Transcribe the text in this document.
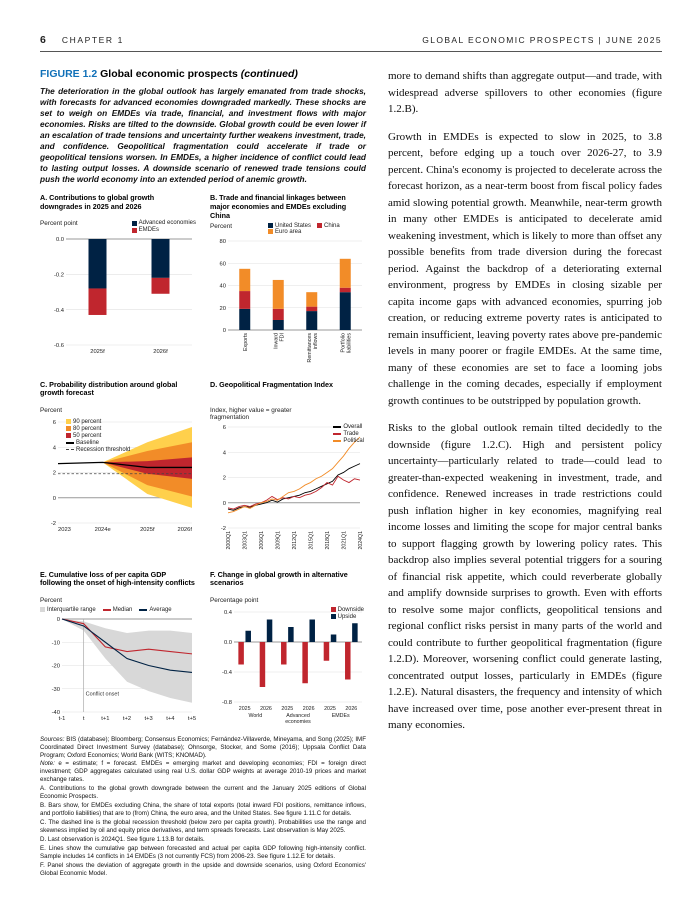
6 CHAPTER 1	GLOBAL ECONOMIC PROSPECTS | JUNE 2025
FIGURE 1.2 Global economic prospects (continued)
The deterioration in the global outlook has largely emanated from trade shocks, with forecasts for advanced economies downgraded markedly. These shocks are set to weigh on EMDEs via trade, financial, and investment flows with major economies. Risks are tilted to the downside. Global growth could be even lower if an escalation of trade tensions and uncertainty further weakens investment, trade, and confidence. Geopolitical fragmentation could accelerate if trade or geopolitical tensions worsen. In EMDEs, a higher incidence of conflict could lead to lasting output losses. A downside scenario of renewed trade tensions could push the world economy into an extended period of anemic growth.
A. Contributions to global growth downgrades in 2025 and 2026
Percent point	Advanced economies
EMDEs
0.0
-0.2
-0.4
-0.6
2025f	2026f
B. Trade and financial linkages between major economies and EMDEs excluding China
Percent	United States China
Euro area
0
20
40
60
80
Exports	Inward FDI	Remittances inflows	Portfolio liabilities
C. Probability distribution around global growth forecast
Percent
-2
0
2
4
6
2023	2024e	2025f	2026f
90 percent
80 percent
50 percent
Baseline
Recession threshold
D. Geopolitical Fragmentation Index
Index, higher value = greater fragmentation
-2
0
2
4
6
2000Q1 2003Q1 2006Q1 2009Q1 2012Q1 2015Q1 2018Q1 2021Q1 2024Q1
Overall
Trade
Political
E. Cumulative loss of per capita GDP following the onset of high-intensity conflicts
Percent
Interquartile range	Median	Average
0
-10
-20
-30
-40
Conflict onset
t-1	t	t+1 t+2 t+3 t+4 t+5
F. Change in global growth in alternative scenarios
Percentage point
0.4
0.0
-0.4
-0.8
2025 2026 2025 2026 2025 2026
World	Advanced
economies
EMDEs
Downside
Upside
Sources: BIS (database); Bloomberg; Consensus Economics; Fernández-Villaverde, Mineyama, and Song (2025); IMF Coordinated Direct Investment Survey (database); Ohnsorge, Stocker, and Some (2016); Uppsala Conflict Data Program; Oxford Economics; World Bank (WITS; KNOMAD).
Note: e = estimate; f = forecast. EMDEs = emerging market and developing economies; FDI = foreign direct investment; GDP aggregates calculated using real U.S. dollar GDP weights at average 2010-19 prices and market exchange rates.
A. Contributions to the global growth downgrade between the current and the January 2025 editions of Global Economic Prospects.
B. Bars show, for EMDEs excluding China, the share of total exports (total inward FDI positions, remittance inflows, and portfolio liabilities) that are to (from) China, the euro area, and the United States. See figure 1.11.C for details.
C. The dashed line is the global recession threshold (below zero per capita growth). Probabilities use the range and skewness implied by oil and equity price derivatives, and term spreads forecasts. Last observation is May 2025.
D. Last observation is 2024Q1. See figure 1.13.B for details.
E. Lines show the cumulative gap between forecasted and actual per capita GDP following high-intensity conflict. Sample includes 14 conflicts in 14 EMDEs (3 not currently FCS) from 2006-23. See figure 1.12.E for details.
F. Panel shows the deviation of aggregate growth in the upside and downside scenarios, using Oxford Economics' Global Economic Model.

more to demand shifts than aggregate output—and trade, with widespread adverse spillovers to other economies (figure 1.2.B).

Growth in EMDEs is expected to slow in 2025, to 3.8 percent, before edging up a touch over 2026-27, to 3.9 percent. China's economy is projected to decelerate across the forecast horizon, as a near-term boost from fiscal policy fades amid slowing potential growth. Meanwhile, near-term growth in many other EMDEs is anticipated to decelerate amid weakening investment, which is likely to more than offset any possible benefits from trade diversion during the forecast period. Against the backdrop of a deteriorating external environment, progress by EMDEs in closing sizable per capita income gaps with advanced economies, spurring job creation, or reducing extreme poverty rates is anticipated to remain insufficient, leaving poverty rates above pre-pandemic levels in many poorer or fragile EMDEs. At the same time, many of these economies are set to face a looming jobs challenge in the coming decades, especially if employment growth continues to be outstripped by population growth.

Risks to the global outlook remain tilted decidedly to the downside (figure 1.2.C). High and persistent policy uncertainty—particularly related to trade—could lead to greater-than-expected weakening in investment, trade, and confidence. Renewed increases in trade restrictions could push inflation higher in key economies, magnifying real income losses and limiting the scope for major central banks to support flagging growth by lowering policy rates. This backdrop also implies several potential triggers for a souring of financial risk appetite, which could reverberate globally and amplify downside surprises to growth. Even with efforts to resolve some major conflicts, geopolitical tensions and regional conflict risks persist in many parts of the world and could contribute to further geopolitical fragmentation (figure 1.2.D). Moreover, worsening conflict could generate lasting, concentrated output losses, particularly in EMDEs (figure 1.2.E). Natural disasters, the frequency and intensity of which have increased over time, pose another ever-present threat in many economies.
